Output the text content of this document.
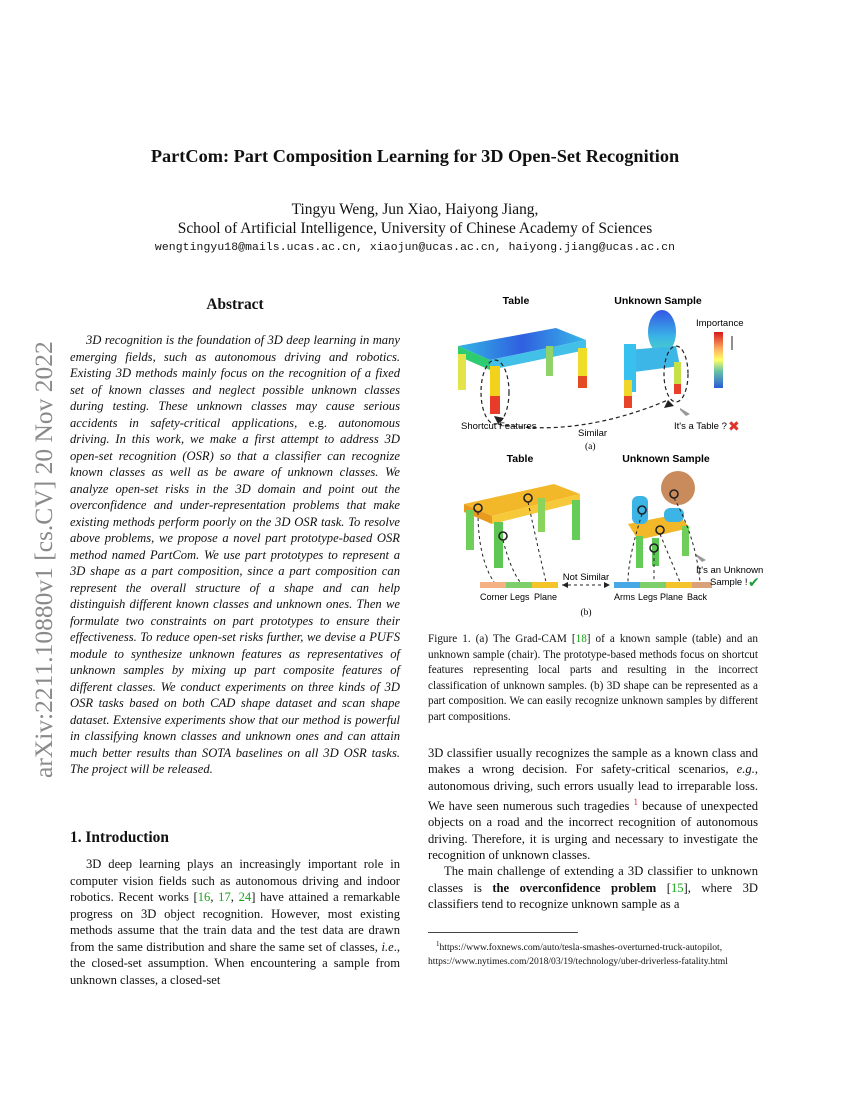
arXiv:2211.10880v1 [cs.CV] 20 Nov 2022
PartCom: Part Composition Learning for 3D Open-Set Recognition
Tingyu Weng, Jun Xiao, Haiyong Jiang,
School of Artificial Intelligence, University of Chinese Academy of Sciences
wengtingyu18@mails.ucas.ac.cn, xiaojun@ucas.ac.cn, haiyong.jiang@ucas.ac.cn
Abstract
3D recognition is the foundation of 3D deep learning in many emerging fields, such as autonomous driving and robotics. Existing 3D methods mainly focus on the recognition of a fixed set of known classes and neglect possible unknown classes during testing. These unknown classes may cause serious accidents in safety-critical applications, e.g. autonomous driving. In this work, we make a first attempt to address 3D open-set recognition (OSR) so that a classifier can recognize known classes as well as be aware of unknown classes. We analyze open-set risks in the 3D domain and point out the overconfidence and under-representation problems that make existing methods perform poorly on the 3D OSR task. To resolve above problems, we propose a novel part prototype-based OSR method named PartCom. We use part prototypes to represent a 3D shape as a part composition, since a part composition can represent the overall structure of a shape and can help distinguish different known classes and unknown ones. Then we formulate two constraints on part prototypes to ensure their effectiveness. To reduce open-set risks further, we devise a PUFS module to synthesize unknown features as representatives of unknown samples by mixing up part composite features of different classes. We conduct experiments on three kinds of 3D OSR tasks based on both CAD shape dataset and scan shape dataset. Extensive experiments show that our method is powerful in classifying known classes and unknown ones and can attain much better results than SOTA baselines on all 3D OSR tasks. The project will be released.
1. Introduction
3D deep learning plays an increasingly important role in computer vision fields such as autonomous driving and indoor robotics. Recent works [16, 17, 24] have attained a remarkable progress on 3D object recognition. However, most existing methods assume that the train data and the test data are drawn from the same distribution and share the same set of classes, i.e., the closed-set assumption. When encountering a sample from unknown classes, a closed-set
Table	Unknown Sample
Importance
Shortcut Features
Similar
It's a Table ? ✖
(a)
Table	Unknown Sample
Not Similar
It's an Unknown
Sample ! ✔
Corner Legs Plane	Arms Legs Plane Back
(b)
Figure 1. (a) The Grad-CAM [18] of a known sample (table) and an unknown sample (chair). The prototype-based methods focus on shortcut features representing local parts and resulting in the incorrect classification of unknown samples. (b) 3D shape can be represented as a part composition. We can easily recognize unknown samples by different part compositions.

3D classifier usually recognizes the sample as a known class and makes a wrong decision. For safety-critical scenarios, e.g., autonomous driving, such errors usually lead to irreparable loss. We have seen numerous such tragedies $^1$ because of unexpected objects on a road and the incorrect recognition of autonomous driving. Therefore, it is urging and necessary to investigate the recognition of unknown classes.

The main challenge of extending a 3D classifier to unknown classes is the overconfidence problem [15], where 3D classifiers tend to recognize unknown sample as a

$^1$https://www.foxnews.com/auto/tesla-smashes-overturned-truck-autopilot,
https://www.nytimes.com/2018/03/19/technology/uber-driverless-fatality.html
